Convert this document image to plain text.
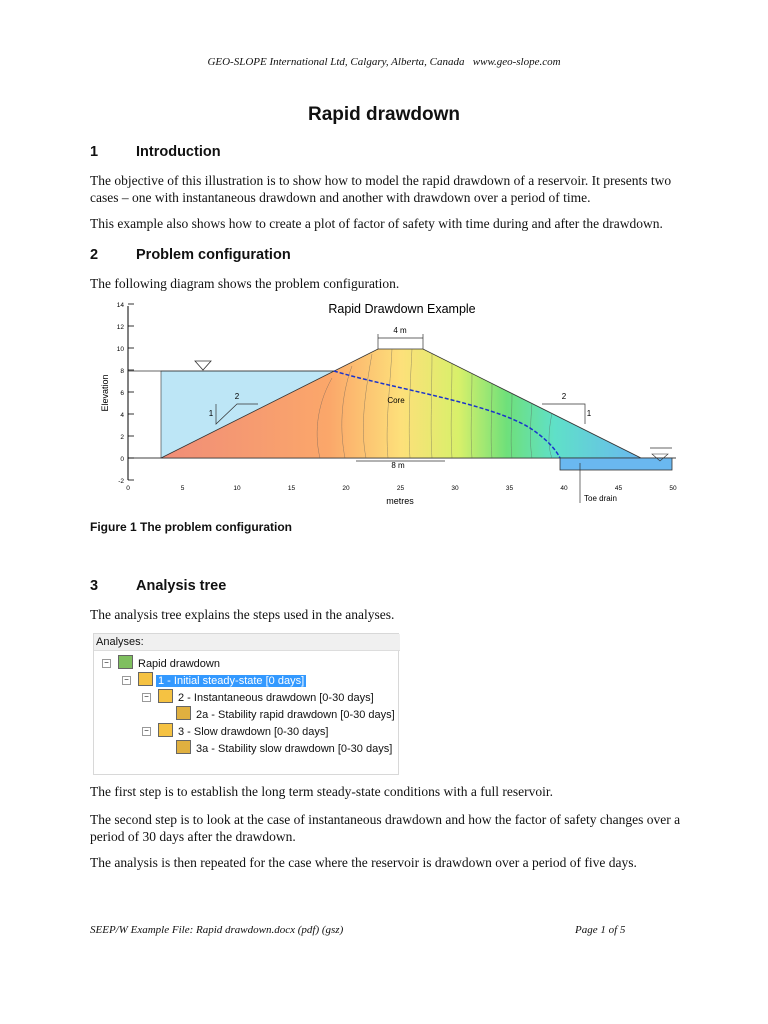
GEO-SLOPE International Ltd, Calgary, Alberta, Canada   www.geo-slope.com
Rapid drawdown
1	Introduction
The objective of this illustration is to show how to model the rapid drawdown of a reservoir. It presents two cases – one with instantaneous drawdown and another with drawdown over a period of time.
This example also shows how to create a plot of factor of safety with time during and after the drawdown.
2	Problem configuration
The following diagram shows the problem configuration.
-2
0
2
4
6
8
10
12
14
0	5	10	15	20	25	30	35	40	45	50
Rapid Drawdown Example
metres
Elevation
4 m
8 m
Core
2
1
2
1
Toe drain
Figure 1 The problem configuration
3	Analysis tree
The analysis tree explains the steps used in the analyses.
Analyses:
−	Rapid drawdown
−	1 - Initial steady-state [0 days]
−	2 - Instantaneous drawdown [0-30 days]
2a - Stability rapid drawdown [0-30 days]
−	3 - Slow drawdown [0-30 days]
3a - Stability slow drawdown [0-30 days]
The first step is to establish the long term steady-state conditions with a full reservoir.
The second step is to look at the case of instantaneous drawdown and how the factor of safety changes over a period of 30 days after the drawdown.
The analysis is then repeated for the case where the reservoir is drawdown over a period of five days.
SEEP/W Example File: Rapid drawdown.docx (pdf) (gsz)	Page 1 of 5
